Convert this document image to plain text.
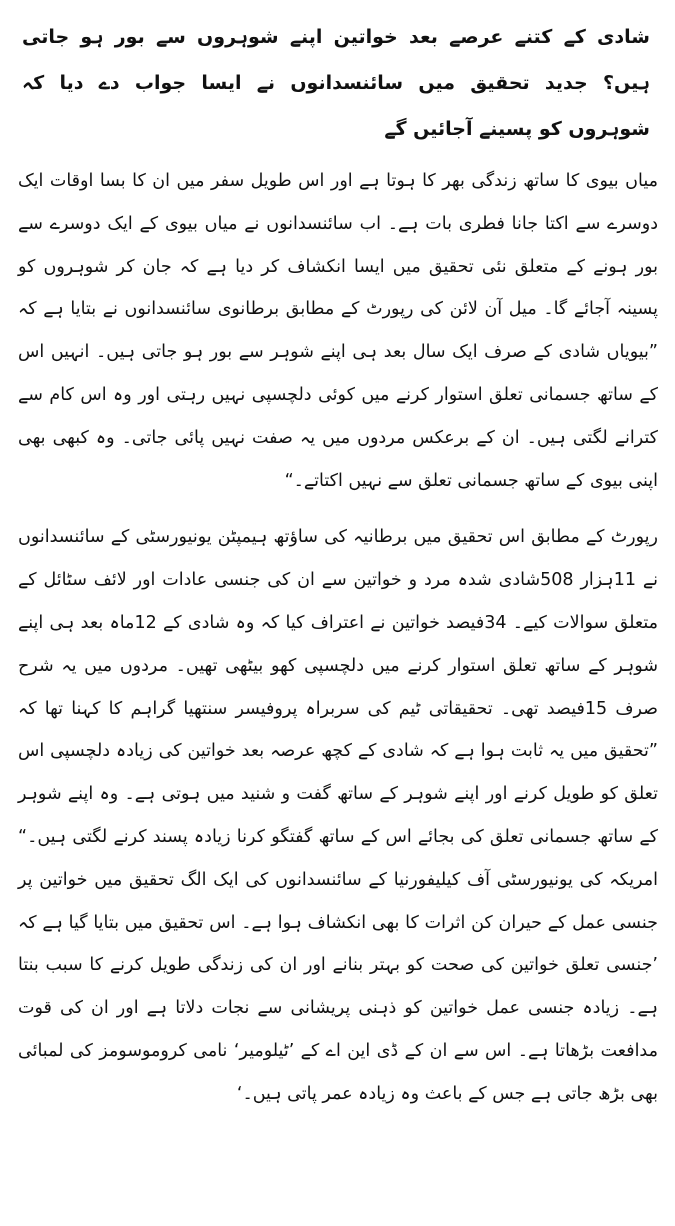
شادی کے کتنے عرصے بعد خواتین اپنے شوہروں سے بور ہو جاتی ہیں؟ جدید تحقیق میں سائنسدانوں نے ایسا جواب دے دیا کہ شوہروں کو پسینے آجائیں گے

میاں بیوی کا ساتھ زندگی بھر کا ہوتا ہے اور اس طویل سفر میں ان کا بسا اوقات ایک دوسرے سے اکتا جانا فطری بات ہے۔ اب سائنسدانوں نے میاں بیوی کے ایک دوسرے سے بور ہونے کے متعلق نئی تحقیق میں ایسا انکشاف کر دیا ہے کہ جان کر شوہروں کو پسینہ آجائے گا۔ میل آن لائن کی رپورٹ کے مطابق برطانوی سائنسدانوں نے بتایا ہے کہ ”بیویاں شادی کے صرف ایک سال بعد ہی اپنے شوہر سے بور ہو جاتی ہیں۔ انہیں اس کے ساتھ جسمانی تعلق استوار کرنے میں کوئی دلچسپی نہیں رہتی اور وہ اس کام سے کترانے لگتی ہیں۔ ان کے برعکس مردوں میں یہ صفت نہیں پائی جاتی۔ وہ کبھی بھی اپنی بیوی کے ساتھ جسمانی تعلق سے نہیں اکتاتے۔“

رپورٹ کے مطابق اس تحقیق میں برطانیہ کی ساﺅتھ ہیمپٹن یونیورسٹی کے سائنسدانوں نے 11ہزار 508شادی شدہ مرد و خواتین سے ان کی جنسی عادات اور لائف سٹائل کے متعلق سوالات کیے۔ 34فیصد خواتین نے اعتراف کیا کہ وہ شادی کے 12ماہ بعد ہی اپنے شوہر کے ساتھ تعلق استوار کرنے میں دلچسپی کھو بیٹھی تھیں۔ مردوں میں یہ شرح صرف 15فیصد تھی۔ تحقیقاتی ٹیم کی سربراہ پروفیسر سنتھیا گراہم کا کہنا تھا کہ ”تحقیق میں یہ ثابت ہوا ہے کہ شادی کے کچھ عرصہ بعد خواتین کی زیادہ دلچسپی اس تعلق کو طویل کرنے اور اپنے شوہر کے ساتھ گفت و شنید میں ہوتی ہے۔ وہ اپنے شوہر کے ساتھ جسمانی تعلق کی بجائے اس کے ساتھ گفتگو کرنا زیادہ پسند کرنے لگتی ہیں۔“ امریکہ کی یونیورسٹی آف کیلیفورنیا کے سائنسدانوں کی ایک الگ تحقیق میں خواتین پر جنسی عمل کے حیران کن اثرات کا بھی انکشاف ہوا ہے۔ اس تحقیق میں بتایا گیا ہے کہ ’جنسی تعلق خواتین کی صحت کو بہتر بنانے اور ان کی زندگی طویل کرنے کا سبب بنتا ہے۔ زیادہ جنسی عمل خواتین کو ذہنی پریشانی سے نجات دلاتا ہے اور ان کی قوت مدافعت بڑھاتا ہے۔ اس سے ان کے ڈی این اے کے ’ٹیلومیر‘ نامی کروموسومز کی لمبائی بھی بڑھ جاتی ہے جس کے باعث وہ زیادہ عمر پاتی ہیں۔‘
